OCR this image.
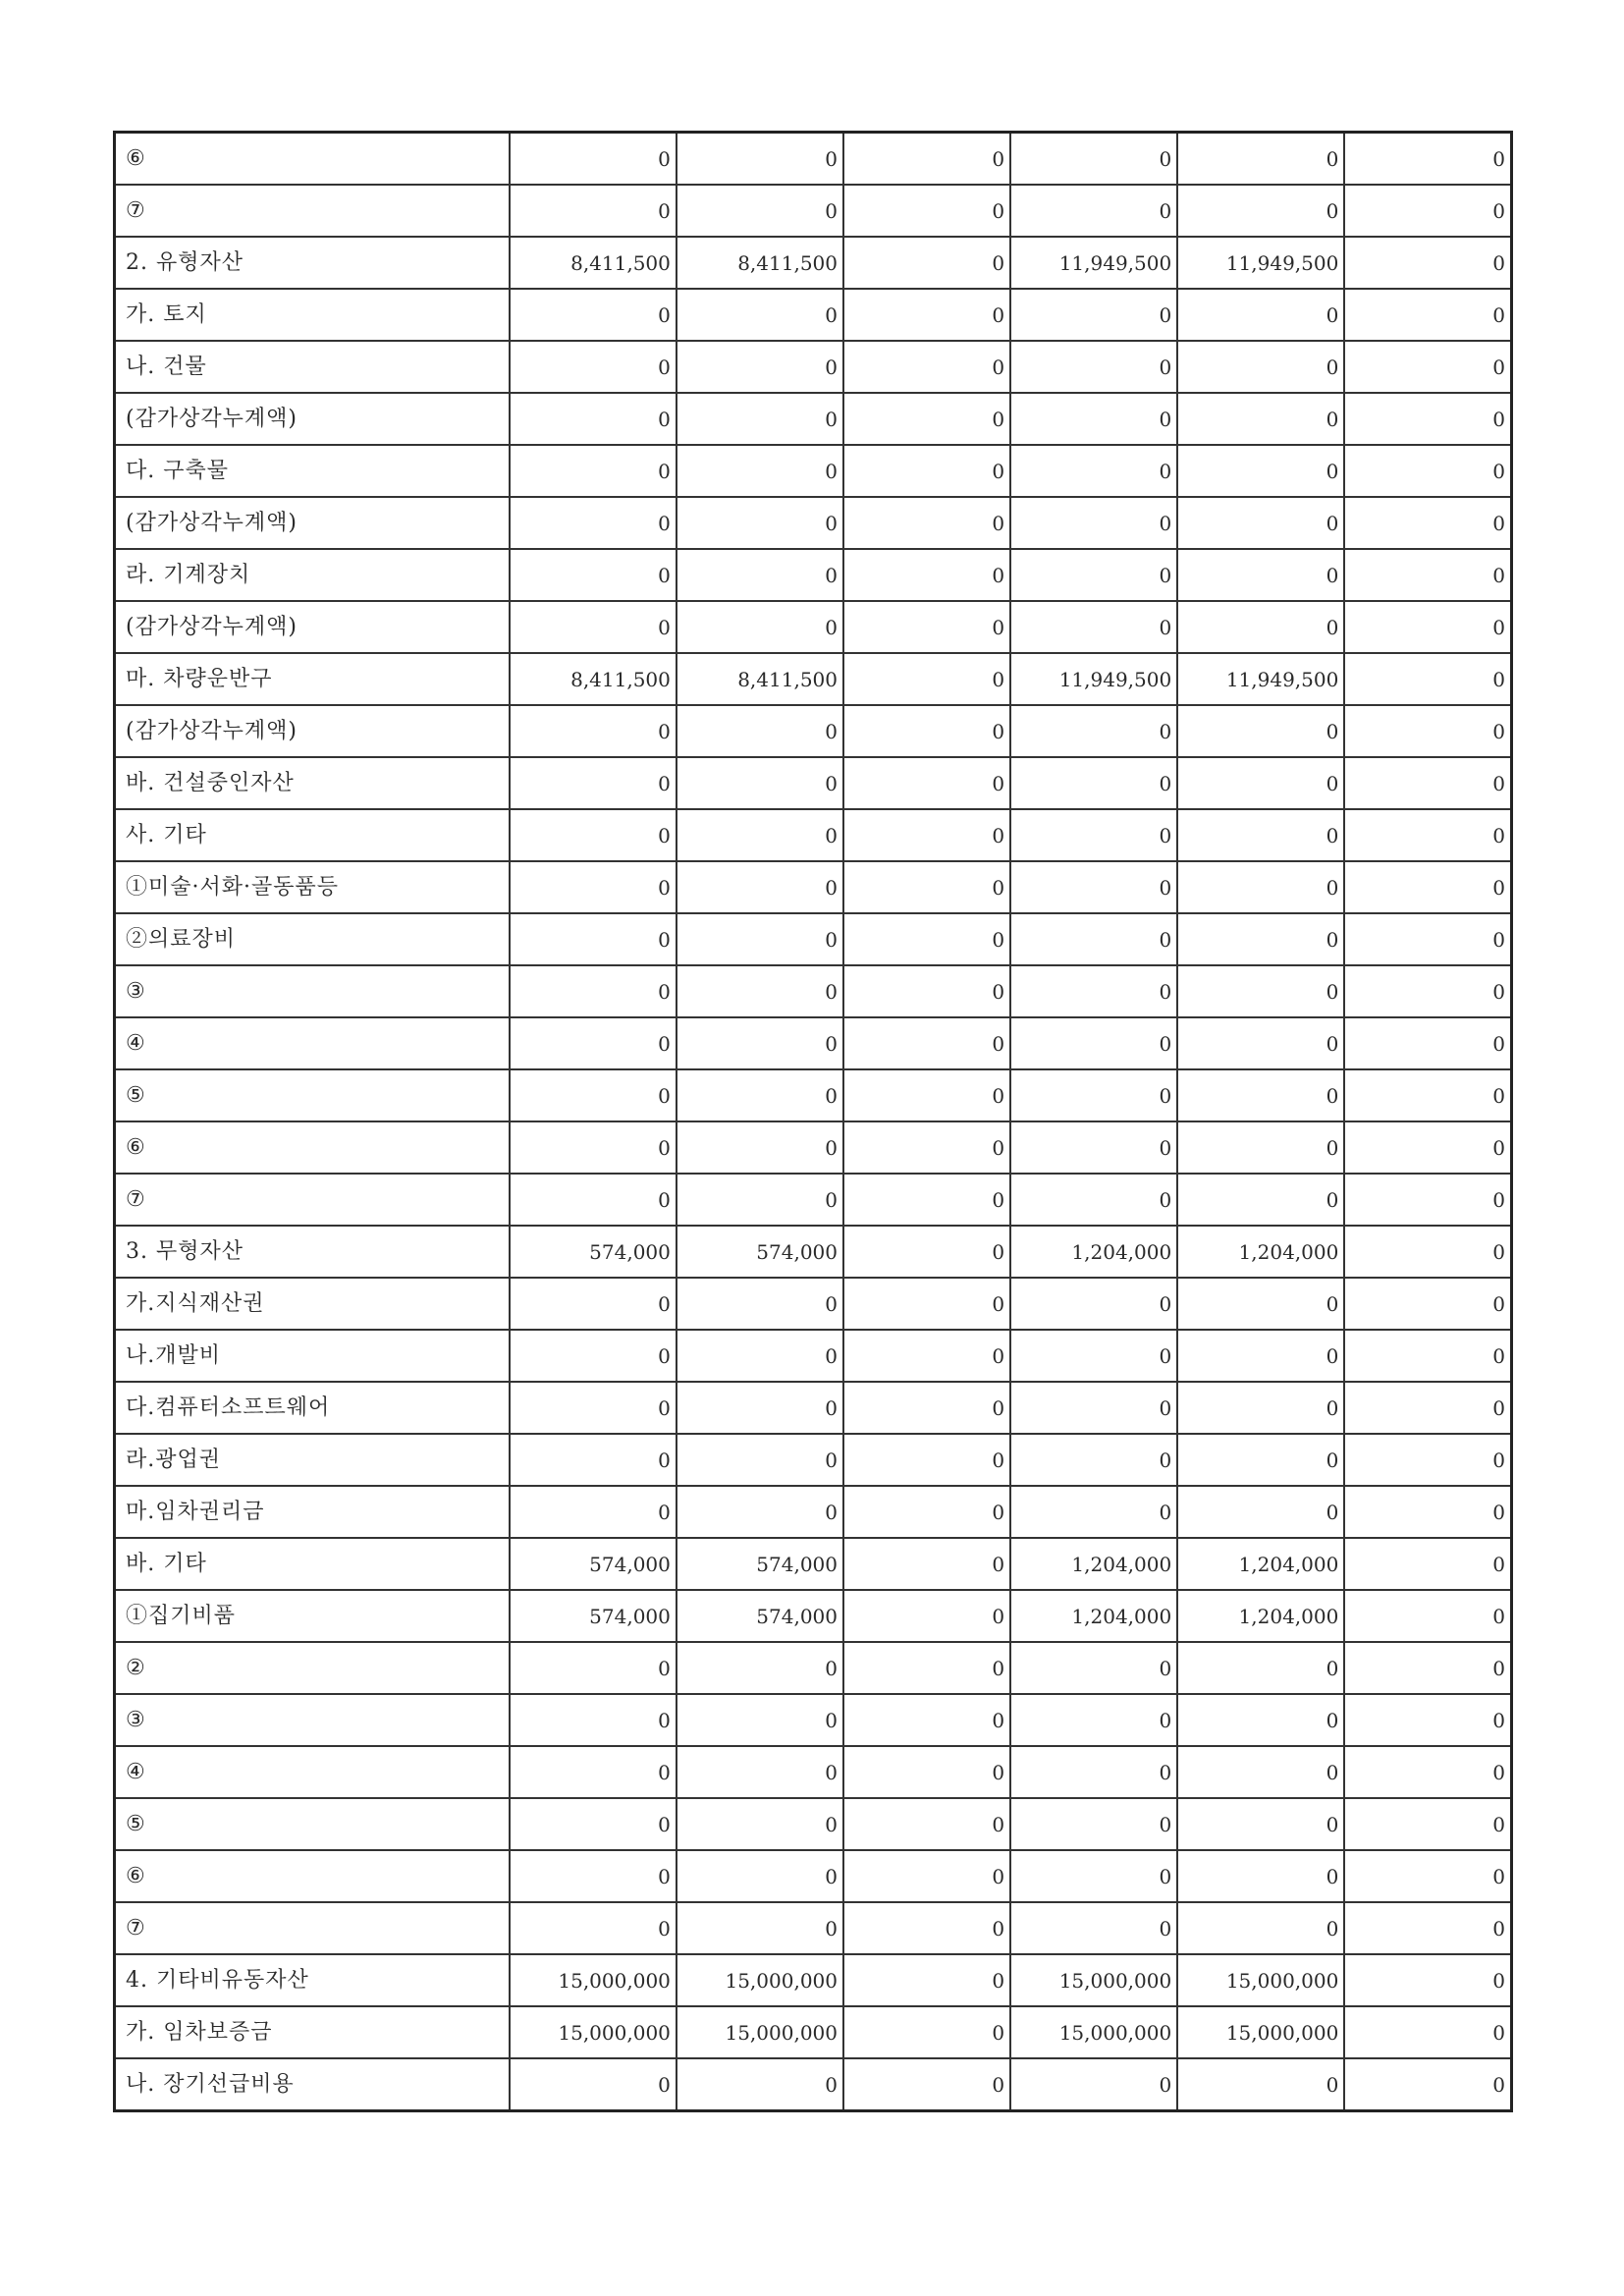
⑥	0	0	0	0	0	0
⑦	0	0	0	0	0	0
2. 유형자산	8,411,500	8,411,500	0	11,949,500	11,949,500	0
가. 토지	0	0	0	0	0	0
나. 건물	0	0	0	0	0	0
(감가상각누계액)	0	0	0	0	0	0
다. 구축물	0	0	0	0	0	0
(감가상각누계액)	0	0	0	0	0	0
라. 기계장치	0	0	0	0	0	0
(감가상각누계액)	0	0	0	0	0	0
마. 차량운반구	8,411,500	8,411,500	0	11,949,500	11,949,500	0
(감가상각누계액)	0	0	0	0	0	0
바. 건설중인자산	0	0	0	0	0	0
사. 기타	0	0	0	0	0	0
①미술·서화·골동품등	0	0	0	0	0	0
②의료장비	0	0	0	0	0	0
③	0	0	0	0	0	0
④	0	0	0	0	0	0
⑤	0	0	0	0	0	0
⑥	0	0	0	0	0	0
⑦	0	0	0	0	0	0
3. 무형자산	574,000	574,000	0	1,204,000	1,204,000	0
가.지식재산권	0	0	0	0	0	0
나.개발비	0	0	0	0	0	0
다.컴퓨터소프트웨어	0	0	0	0	0	0
라.광업권	0	0	0	0	0	0
마.임차권리금	0	0	0	0	0	0
바. 기타	574,000	574,000	0	1,204,000	1,204,000	0
①집기비품	574,000	574,000	0	1,204,000	1,204,000	0
②	0	0	0	0	0	0
③	0	0	0	0	0	0
④	0	0	0	0	0	0
⑤	0	0	0	0	0	0
⑥	0	0	0	0	0	0
⑦	0	0	0	0	0	0
4. 기타비유동자산	15,000,000	15,000,000	0	15,000,000	15,000,000	0
가. 임차보증금	15,000,000	15,000,000	0	15,000,000	15,000,000	0
나. 장기선급비용	0	0	0	0	0	0
